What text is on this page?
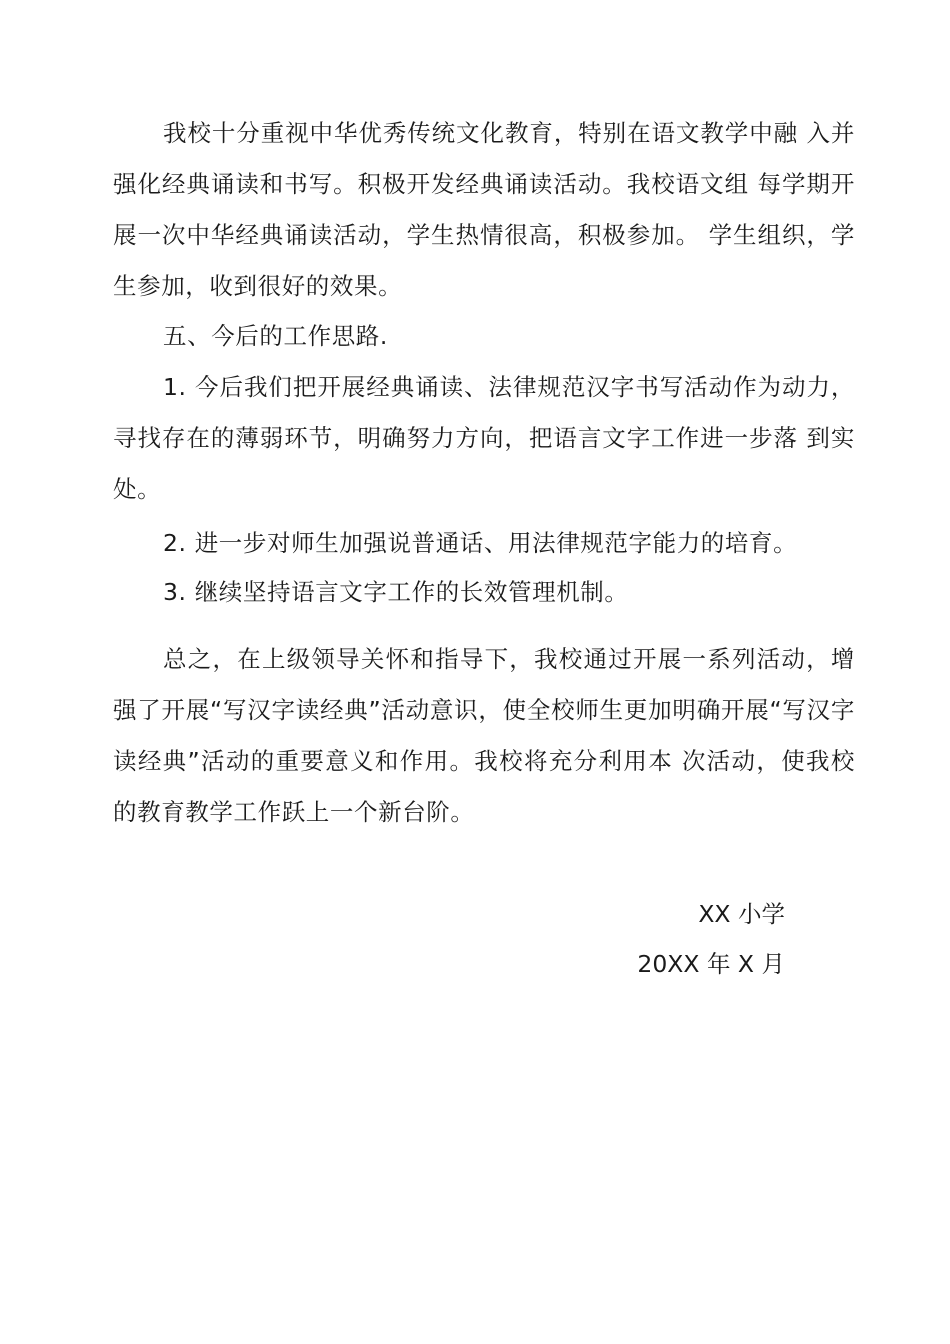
我校十分重视中华优秀传统文化教育，特别在语文教学中融 入并强化经典诵读和书写。积极开发经典诵读活动。我校语文组 每学期开展一次中华经典诵读活动，学生热情很高，积极参加。 学生组织，学生参加，收到很好的效果。

五、今后的工作思路.

1. 今后我们把开展经典诵读、法律规范汉字书写活动作为动力，寻找存在的薄弱环节，明确努力方向，把语言文字工作进一步落 到实处。

2. 进一步对师生加强说普通话、用法律规范字能力的培育。

3. 继续坚持语言文字工作的长效管理机制。

总之，在上级领导关怀和指导下，我校通过开展一系列活动，增强了开展“写汉字读经典”活动意识，使全校师生更加明确开展“写汉字读经典”活动的重要意义和作用。我校将充分利用本 次活动，使我校的教育教学工作跃上一个新台阶。

XX 小学

20XX 年 X 月
